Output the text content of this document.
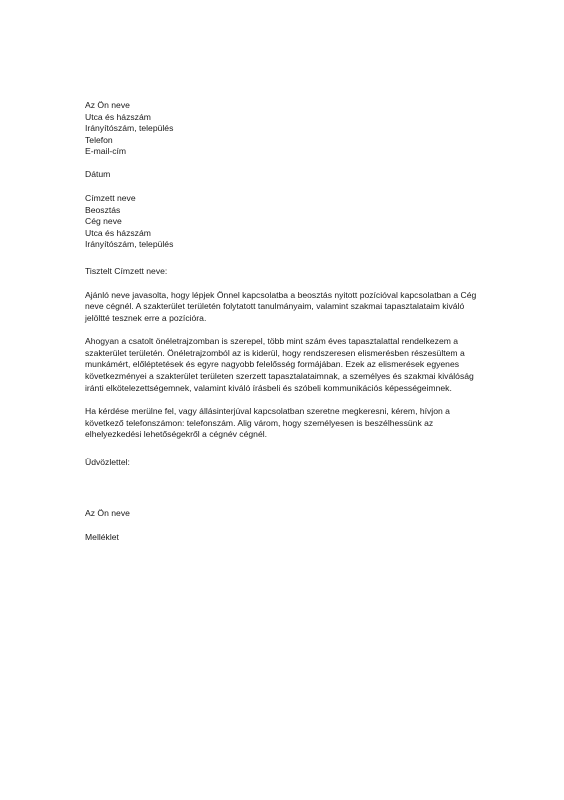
Az Ön neve
Utca és házszám
Irányítószám, település
Telefon
E-mail-cím
Dátum
Címzett neve
Beosztás
Cég neve
Utca és házszám
Irányítószám, település
Tisztelt Címzett neve:
Ajánló neve javasolta, hogy lépjek Önnel kapcsolatba a beosztás nyitott pozícióval kapcsolatban a Cég
neve cégnél. A szakterület területén folytatott tanulmányaim, valamint szakmai tapasztalataim kiváló
jelöltté tesznek erre a pozícióra.
Ahogyan a csatolt önéletrajzomban is szerepel, több mint szám éves tapasztalattal rendelkezem a
szakterület területén. Önéletrajzomból az is kiderül, hogy rendszeresen elismerésben részesültem a
munkámért, előléptetések és egyre nagyobb felelősség formájában. Ezek az elismerések egyenes
következményei a szakterület területen szerzett tapasztalataimnak, a személyes és szakmai kiválóság
iránti elkötelezettségemnek, valamint kiváló írásbeli és szóbeli kommunikációs képességeimnek.
Ha kérdése merülne fel, vagy állásinterjúval kapcsolatban szeretne megkeresni, kérem, hívjon a
következő telefonszámon: telefonszám. Alig várom, hogy személyesen is beszélhessünk az
elhelyezkedési lehetőségekről a cégnév cégnél.
Üdvözlettel:
Az Ön neve
Melléklet
